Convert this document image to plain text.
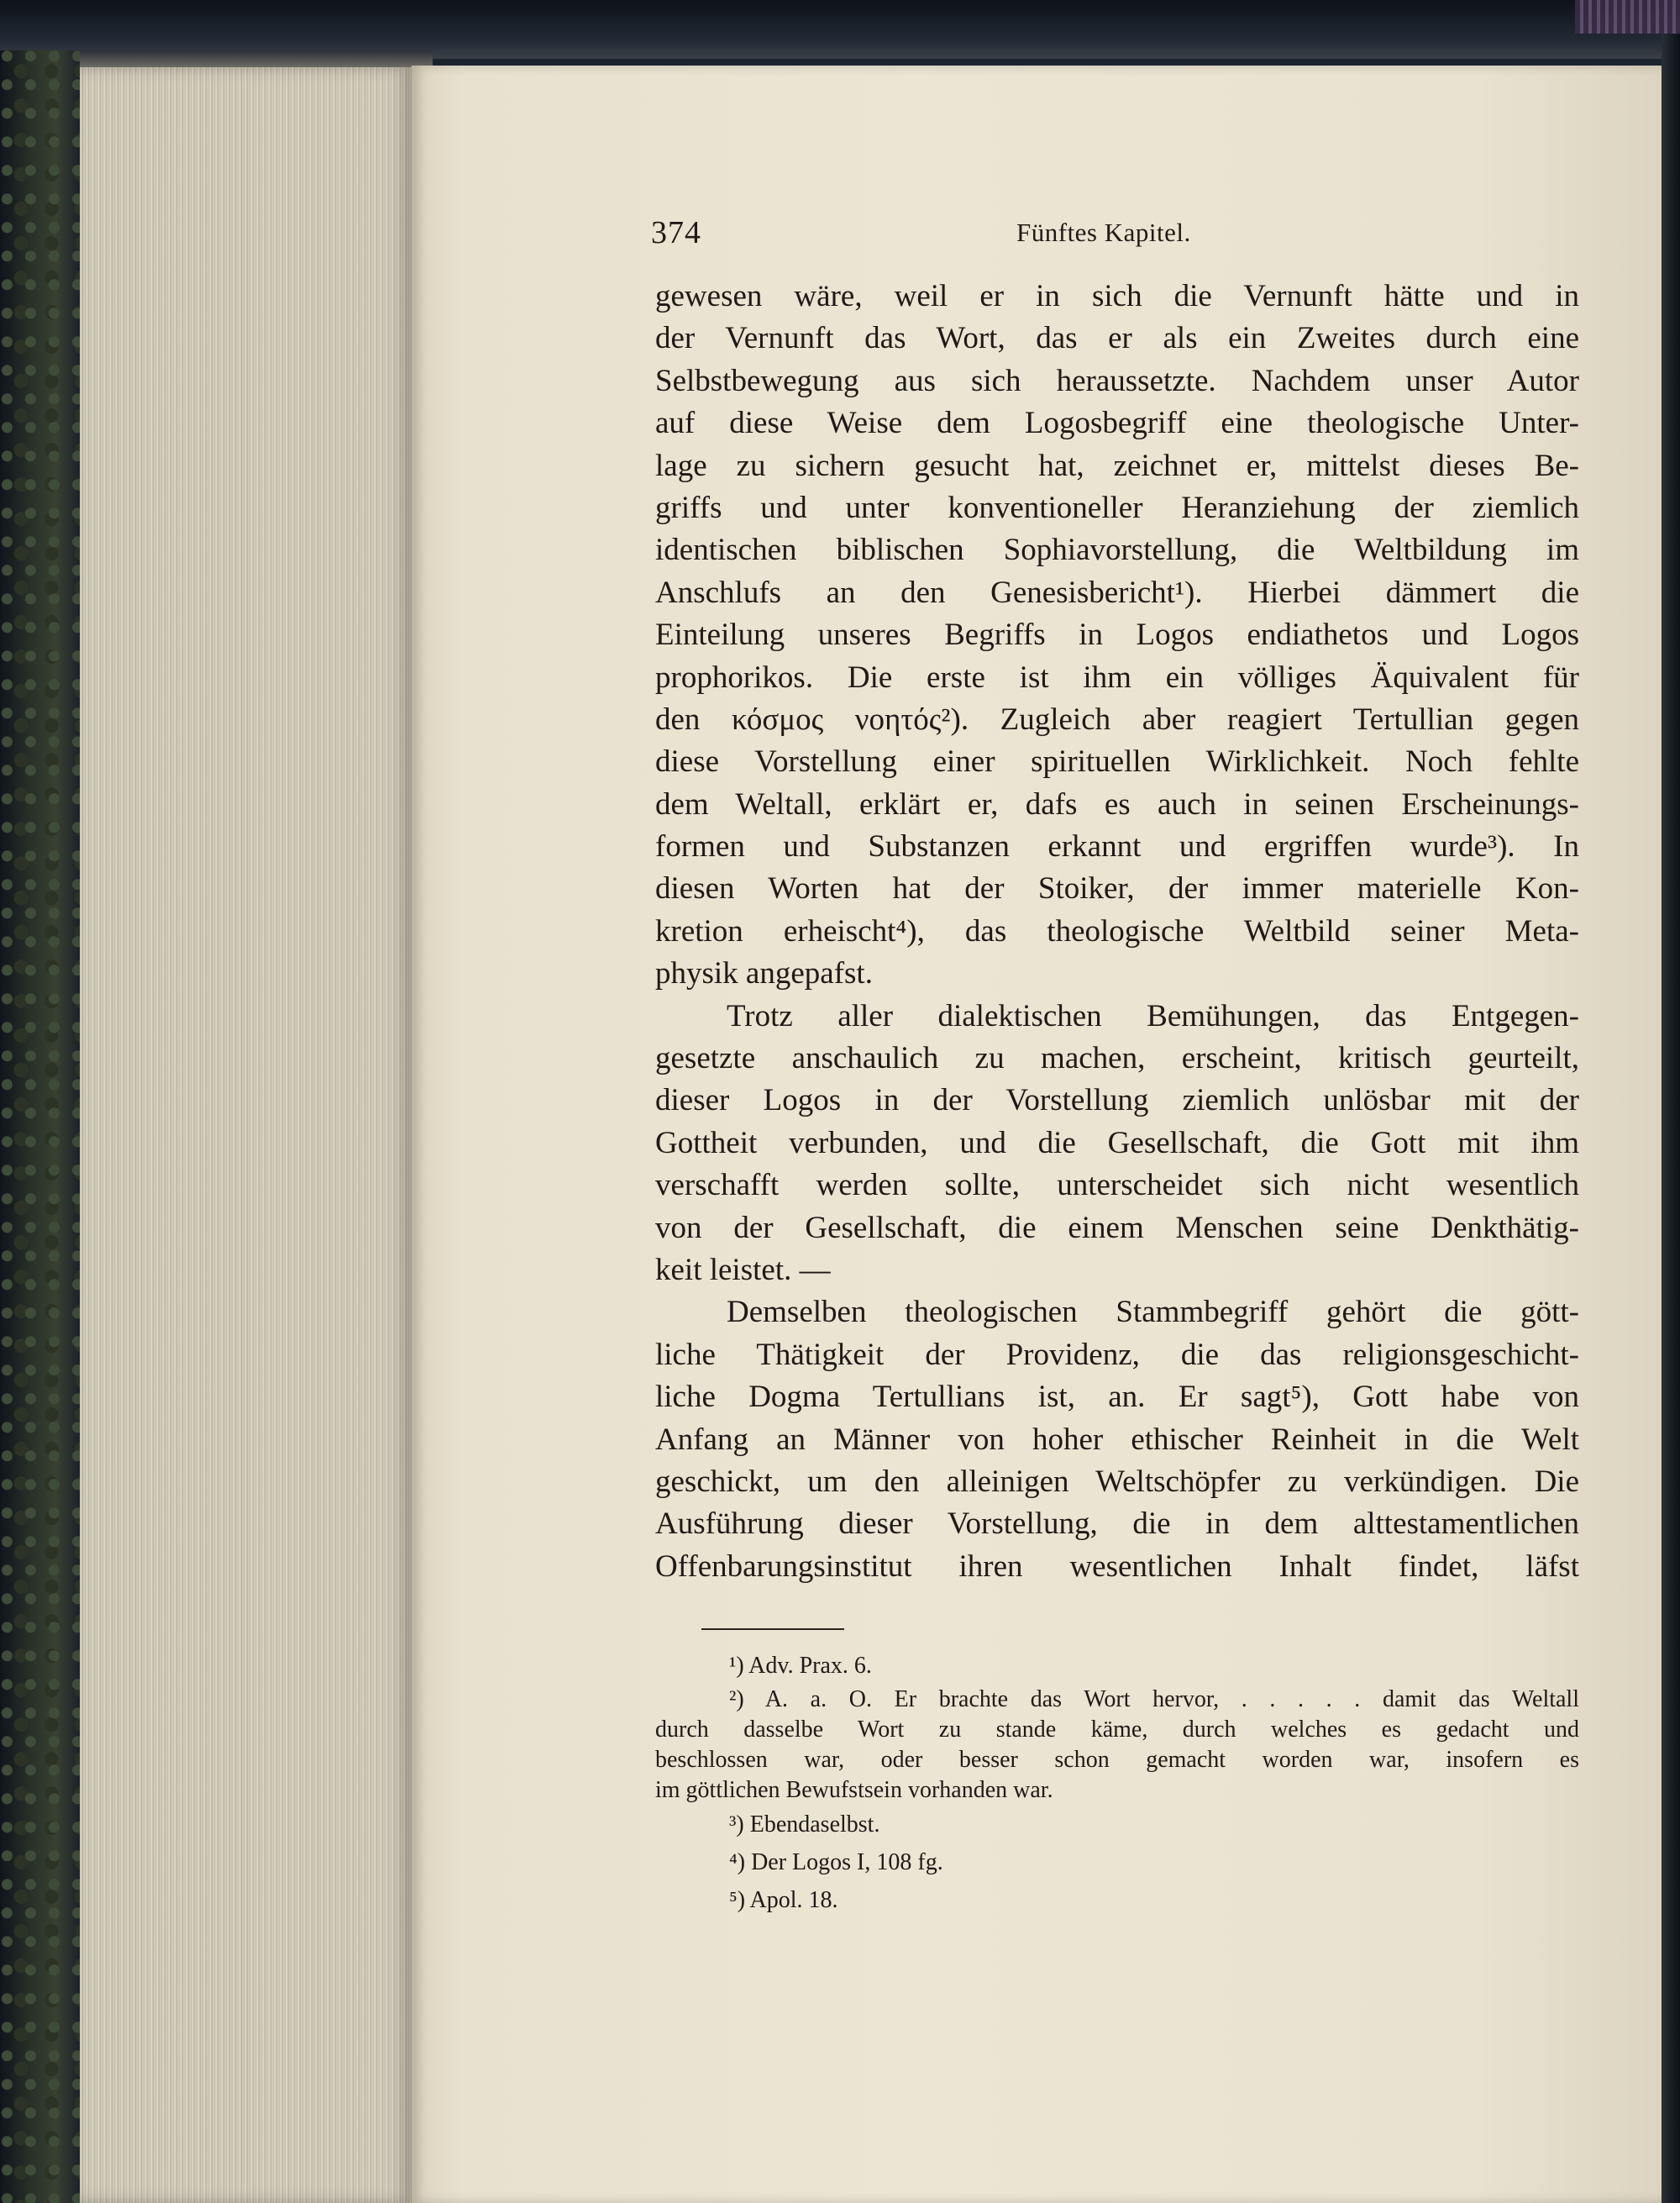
374	Fünftes Kapitel.
gewesen wäre, weil er in sich die Vernunft hätte und in
der Vernunft das Wort, das er als ein Zweites durch eine
Selbstbewegung aus sich heraussetzte. Nachdem unser Autor
auf diese Weise dem Logosbegriff eine theologische Unter-
lage zu sichern gesucht hat, zeichnet er, mittelst dieses Be-
griffs und unter konventioneller Heranziehung der ziemlich
identischen biblischen Sophiavorstellung, die Weltbildung im
Anschlufs an den Genesisbericht¹). Hierbei dämmert die
Einteilung unseres Begriffs in Logos endiathetos und Logos
prophorikos. Die erste ist ihm ein völliges Äquivalent für
den κόσμος νοητός²). Zugleich aber reagiert Tertullian gegen
diese Vorstellung einer spirituellen Wirklichkeit. Noch fehlte
dem Weltall, erklärt er, dafs es auch in seinen Erscheinungs-
formen und Substanzen erkannt und ergriffen wurde³). In
diesen Worten hat der Stoiker, der immer materielle Kon-
kretion erheischt⁴), das theologische Weltbild seiner Meta-
physik angepafst.
Trotz aller dialektischen Bemühungen, das Entgegen-
gesetzte anschaulich zu machen, erscheint, kritisch geurteilt,
dieser Logos in der Vorstellung ziemlich unlösbar mit der
Gottheit verbunden, und die Gesellschaft, die Gott mit ihm
verschafft werden sollte, unterscheidet sich nicht wesentlich
von der Gesellschaft, die einem Menschen seine Denkthätig-
keit leistet. —
Demselben theologischen Stammbegriff gehört die gött-
liche Thätigkeit der Providenz, die das religionsgeschicht-
liche Dogma Tertullians ist, an. Er sagt⁵), Gott habe von
Anfang an Männer von hoher ethischer Reinheit in die Welt
geschickt, um den alleinigen Weltschöpfer zu verkündigen. Die
Ausführung dieser Vorstellung, die in dem alttestamentlichen
Offenbarungsinstitut ihren wesentlichen Inhalt findet, läfst
¹) Adv. Prax. 6.
²) A. a. O. Er brachte das Wort hervor, . . . . . damit das Weltall
durch dasselbe Wort zu stande käme, durch welches es gedacht und
beschlossen war, oder besser schon gemacht worden war, insofern es
im göttlichen Bewufstsein vorhanden war.
³) Ebendaselbst.
⁴) Der Logos I, 108 fg.
⁵) Apol. 18.
